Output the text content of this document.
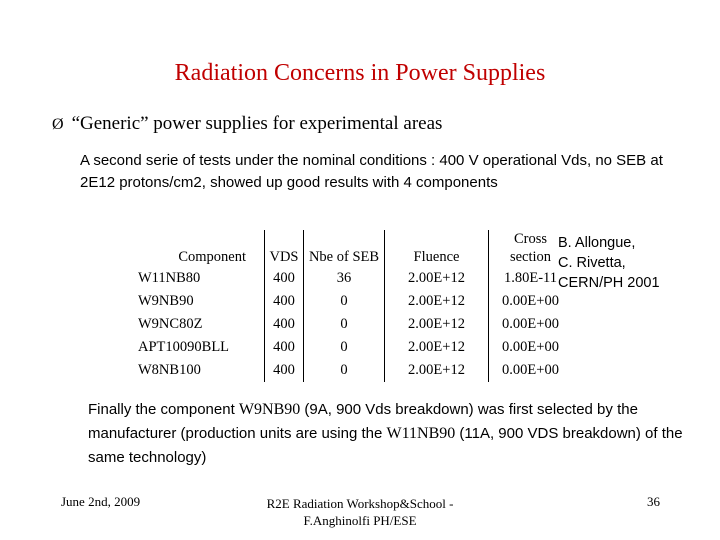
Radiation Concerns in Power Supplies
Ø “Generic” power supplies for experimental areas
A second serie of tests under the nominal conditions : 400 V operational Vds, no SEB at 2E12 protons/cm2, showed up good results with 4 components
Component	VDS	Nbe of SEB	Fluence	Cross section
W11NB80	400	36	2.00E+12	1.80E-11
W9NB90	400	0	2.00E+12	0.00E+00
W9NC80Z	400	0	2.00E+12	0.00E+00
APT10090BLL	400	0	2.00E+12	0.00E+00
W8NB100	400	0	2.00E+12	0.00E+00
B. Allongue,
C. Rivetta,
CERN/PH 2001
Finally the component W9NB90 (9A, 900 Vds breakdown) was first selected by the manufacturer (production units are using the W11NB90 (11A, 900 VDS breakdown) of the same technology)
June 2nd, 2009	R2E Radiation Workshop&School -
F.Anghinolfi PH/ESE
36
